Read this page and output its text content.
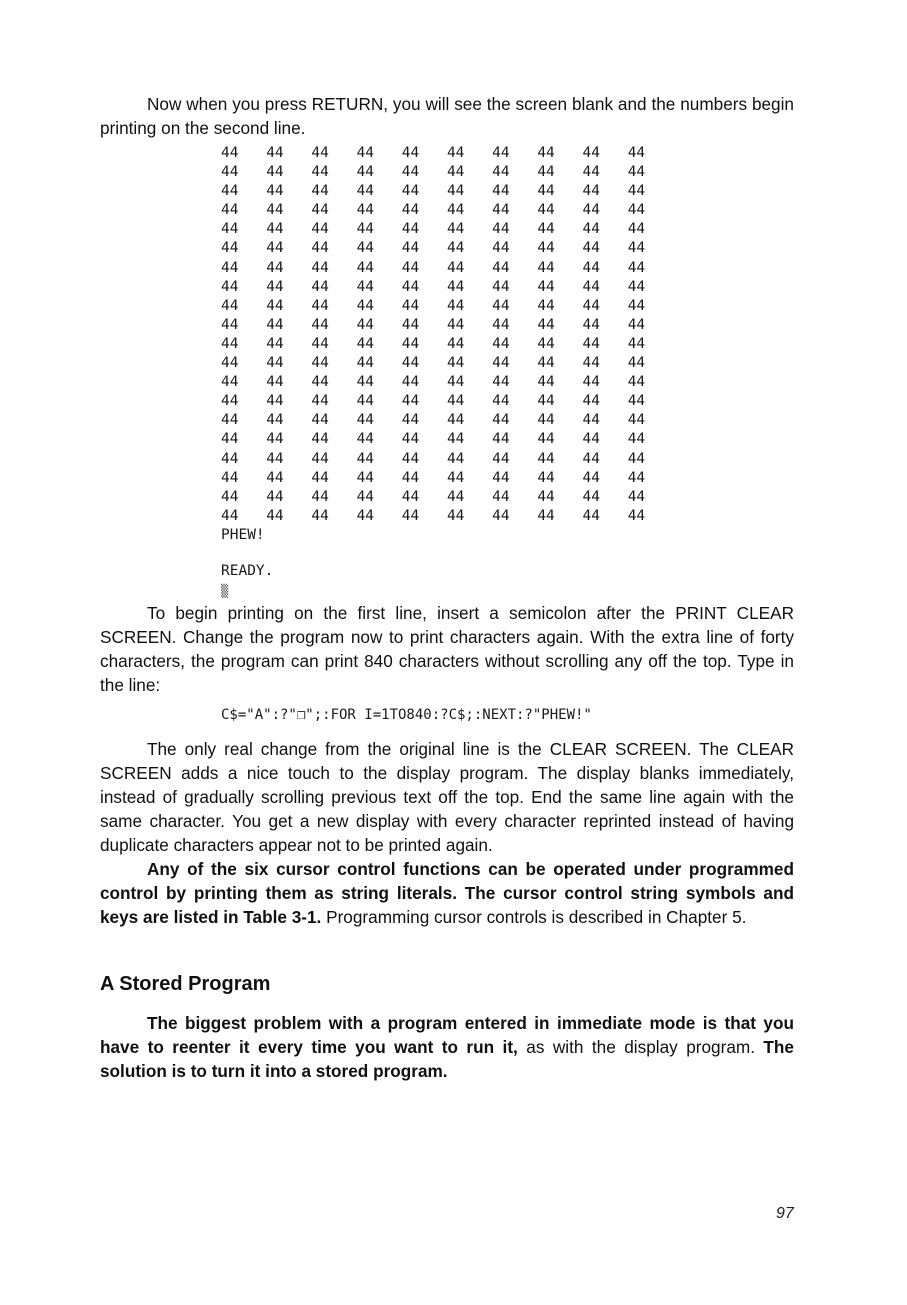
Now when you press RETURN, you will see the screen blank and the numbers begin printing on the second line.

44	44	44	44	44	44	44	44	44	44
44	44	44	44	44	44	44	44	44	44
44	44	44	44	44	44	44	44	44	44
44	44	44	44	44	44	44	44	44	44
44	44	44	44	44	44	44	44	44	44
44	44	44	44	44	44	44	44	44	44
44	44	44	44	44	44	44	44	44	44
44	44	44	44	44	44	44	44	44	44
44	44	44	44	44	44	44	44	44	44
44	44	44	44	44	44	44	44	44	44
44	44	44	44	44	44	44	44	44	44
44	44	44	44	44	44	44	44	44	44
44	44	44	44	44	44	44	44	44	44
44	44	44	44	44	44	44	44	44	44
44	44	44	44	44	44	44	44	44	44
44	44	44	44	44	44	44	44	44	44
44	44	44	44	44	44	44	44	44	44
44	44	44	44	44	44	44	44	44	44
44	44	44	44	44	44	44	44	44	44
44	44	44	44	44	44	44	44	44	44
PHEW!
READY.
▒

To begin printing on the first line, insert a semicolon after the PRINT CLEAR SCREEN. Change the program now to print characters again. With the extra line of forty characters, the program can print 840 characters without scrolling any off the top. Type in the line:

C$="A":?"❒";:FOR I=1TO840:?C$;:NEXT:?"PHEW!"

The only real change from the original line is the CLEAR SCREEN. The CLEAR SCREEN adds a nice touch to the display program. The display blanks immediately, instead of gradually scrolling previous text off the top. End the same line again with the same character. You get a new display with every character reprinted instead of having duplicate characters appear not to be printed again.

Any of the six cursor control functions can be operated under programmed control by printing them as string literals. The cursor control string symbols and keys are listed in Table 3-1. Programming cursor controls is described in Chapter 5.

A Stored Program

The biggest problem with a program entered in immediate mode is that you have to reenter it every time you want to run it, as with the display program. The solution is to turn it into a stored program.

97
